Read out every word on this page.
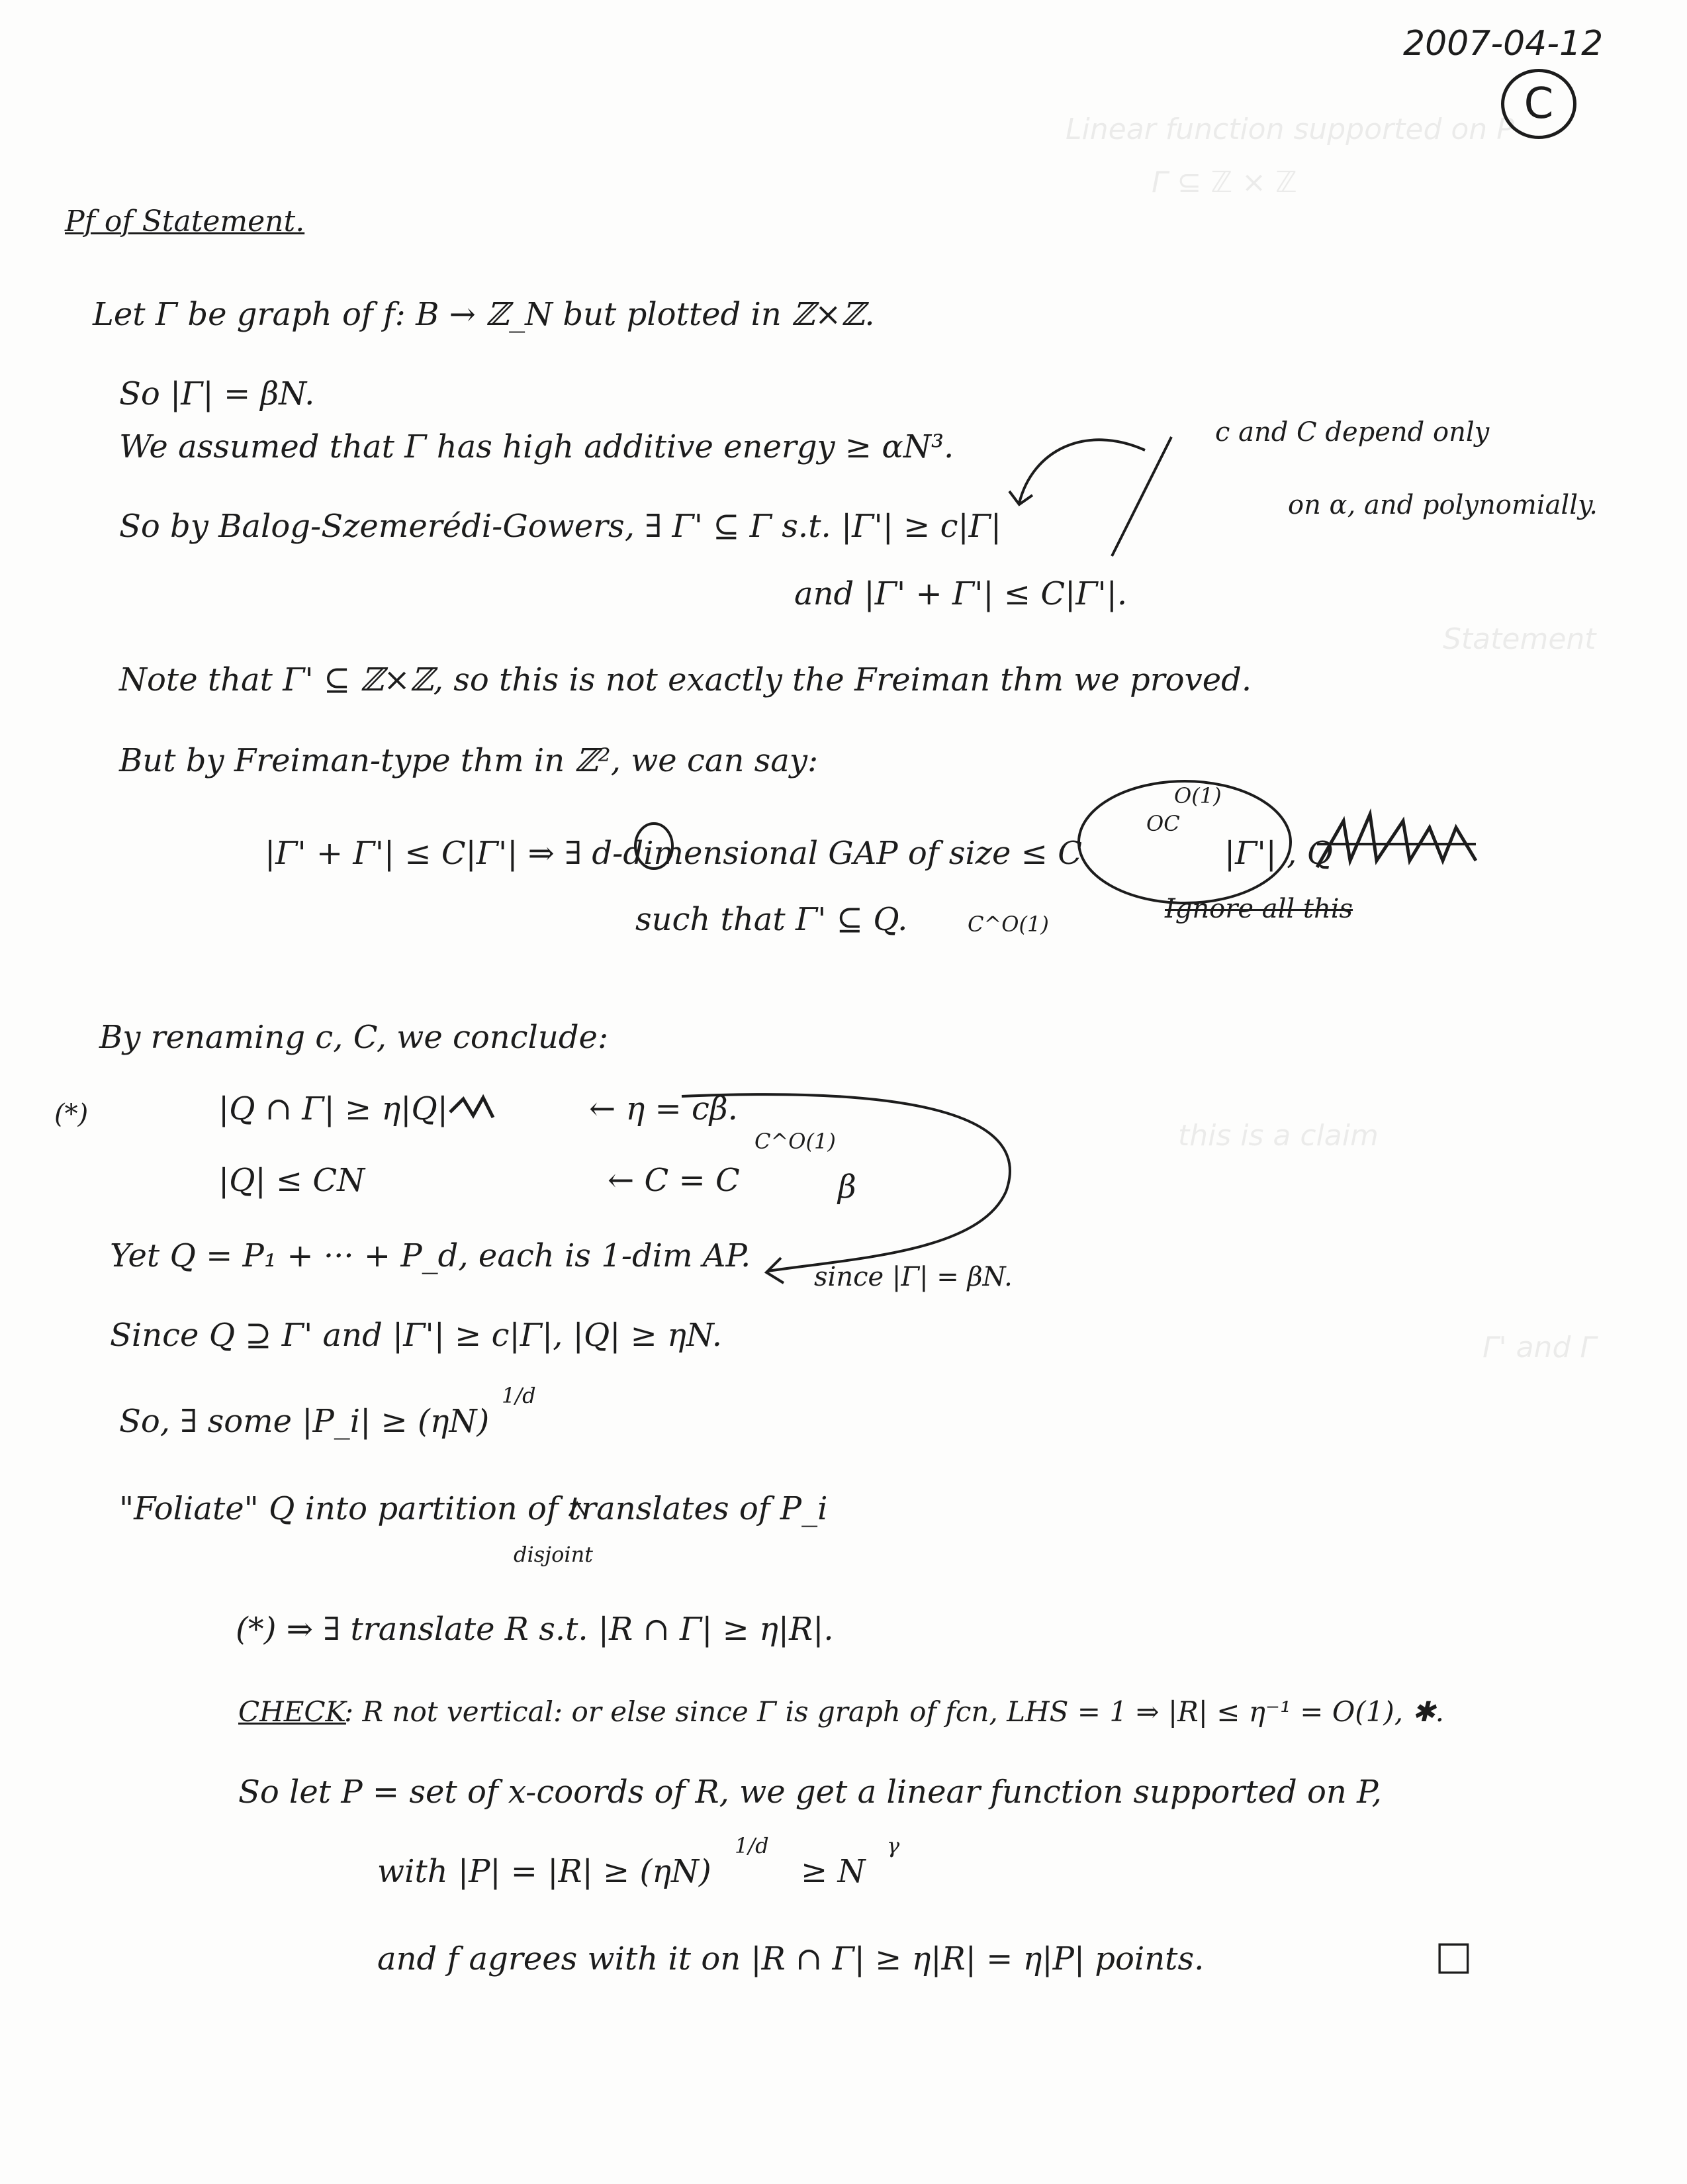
Linear function supported on P
Γ ⊆ ℤ × ℤ
Statement
this is a claim
Γ' and Γ
2007-04-12
C
Pf of Statement.
Let Γ be graph of f: B → ℤ_N but plotted in ℤ×ℤ.
So |Γ| = βN.
We assumed that Γ has high additive energy ≥ αN³.
So by Balog-Szemerédi-Gowers, ∃ Γ' ⊆ Γ s.t. |Γ'| ≥ c|Γ|
and |Γ' + Γ'| ≤ C|Γ'|.
c and C depend only
on α, and polynomially.
Note that Γ' ⊆ ℤ×ℤ, so this is not exactly the Freiman thm we proved.
But by Freiman-type thm in ℤ², we can say:
|Γ' + Γ'| ≤ C|Γ'| ⇒ ∃ d-dimensional GAP of size ≤ C
OC
O(1)
|Γ'| , Q
such that Γ' ⊆ Q.	C^O(1)	Ignore all this
By renaming c, C, we conclude:
(*)	|Q ∩ Γ| ≥ η|Q|	← η = cβ.
|Q| ≤ CN	← C = C
C^O(1)
β
Yet Q = P₁ + ··· + P_d, each is 1-dim AP.
since |Γ| = βN.
Since Q ⊇ Γ' and |Γ'| ≥ c|Γ|, |Q| ≥ ηN.
So, ∃ some |P_i| ≥ (ηN)
1/d
"Foliate" Q into partition of translates of P_i
disjoint
(*) ⇒ ∃ translate R s.t. |R ∩ Γ| ≥ η|R|.
CHECK
: R not vertical: or else since Γ is graph of fcn, LHS = 1 ⇒ |R| ≤ η⁻¹ = O(1), ✱.
So let P = set of x-coords of R, we get a linear function supported on P,
with |P| = |R| ≥ (ηN)
1/d
≥ N
γ
and f agrees with it on |R ∩ Γ| ≥ η|R| = η|P| points.	□
